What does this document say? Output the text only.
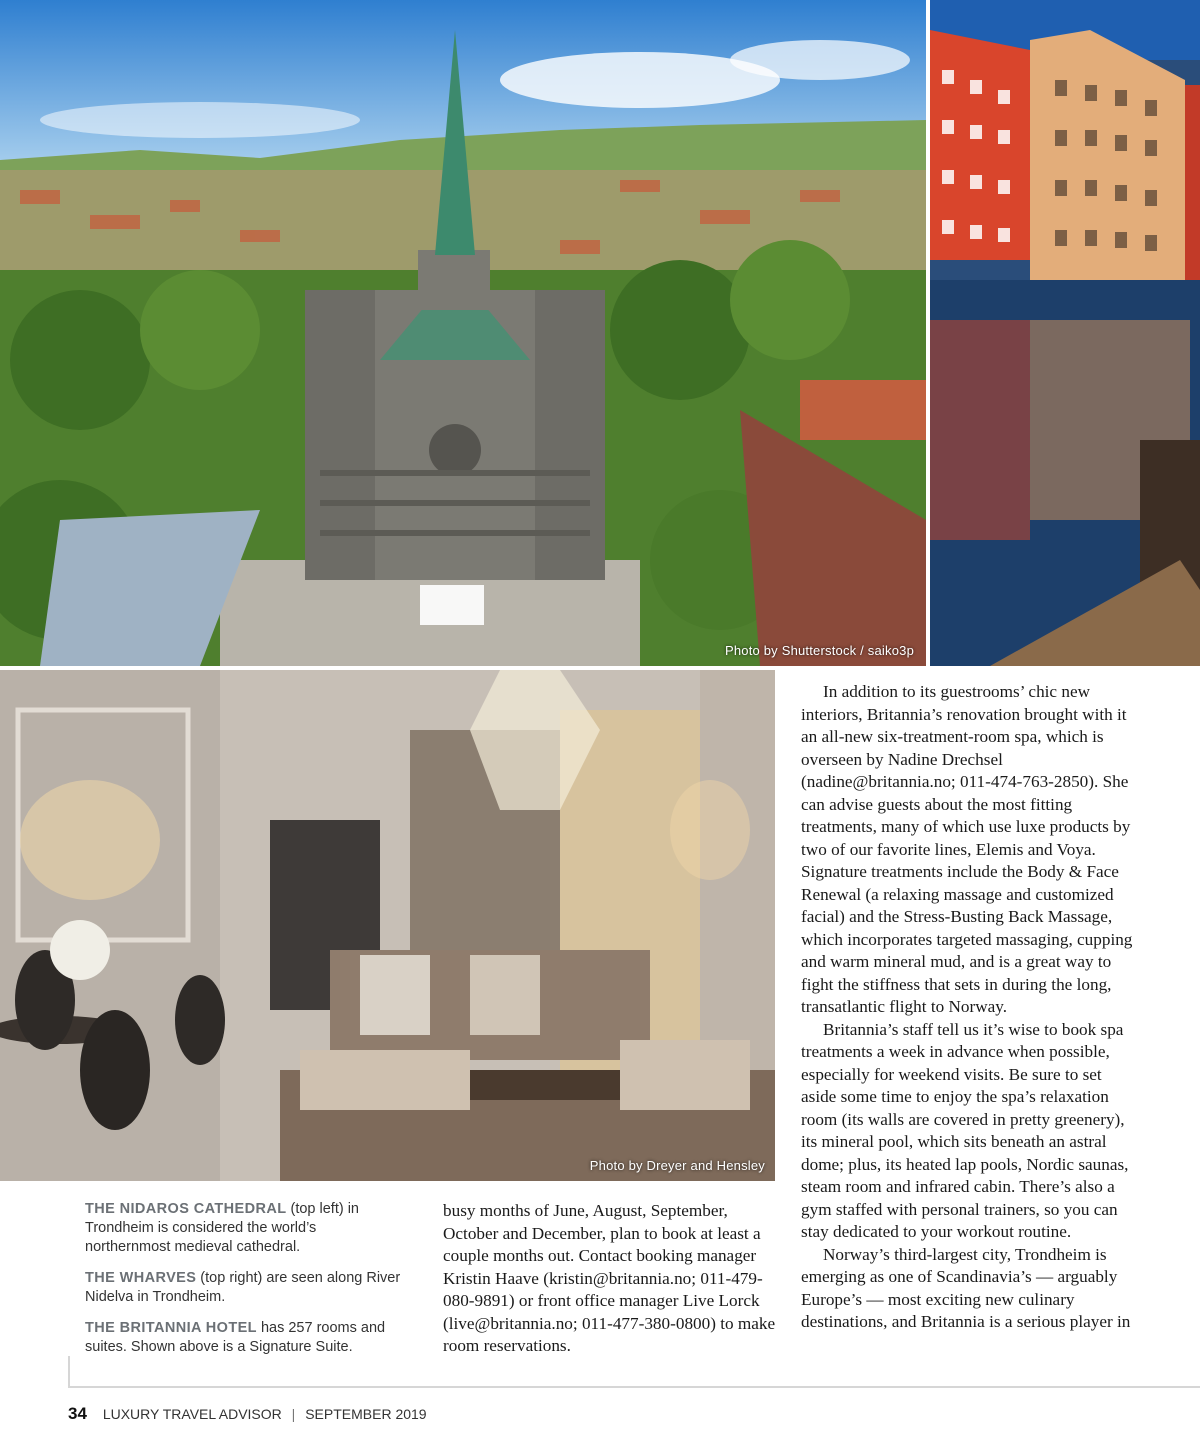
Photo by Shutterstock / saiko3p
Photo by Dreyer and Hensley

THE NIDAROS CATHEDRAL (top left) in Trondheim is considered the world’s northernmost medieval cathedral.

THE WHARVES (top right) are seen along River Nidelva in Trondheim.

THE BRITANNIA HOTEL has 257 rooms and suites. Shown above is a Signature Suite.

busy months of June, August, September, October and December, plan to book at least a couple months out. Contact booking manager Kristin Haave (kristin@britannia.no; 011-479-080-9891) or front office manager Live Lorck (live@britannia.no; 011-477-380-0800) to make room reservations.

In addition to its guestrooms’ chic new interiors, Britannia’s renovation brought with it an all-new six-treatment-room spa, which is overseen by Nadine Drechsel (nadine@britannia.no; 011-474-763-2850). She can advise guests about the most fitting treatments, many of which use luxe products by two of our favorite lines, Elemis and Voya. Signature treatments include the Body & Face Renewal (a relaxing massage and customized facial) and the Stress-Busting Back Massage, which incorporates targeted massaging, cupping and warm mineral mud, and is a great way to fight the stiffness that sets in during the long, transatlantic flight to Norway.

Britannia’s staff tell us it’s wise to book spa treatments a week in advance when possible, especially for weekend visits. Be sure to set aside some time to enjoy the spa’s relaxation room (its walls are covered in pretty greenery), its mineral pool, which sits beneath an astral dome; plus, its heated lap pools, Nordic saunas, steam room and infrared cabin. There’s also a gym staffed with personal trainers, so you can stay dedicated to your workout routine.

Norway’s third-largest city, Trondheim is emerging as one of Scandinavia’s — arguably Europe’s — most exciting new culinary destinations, and Britannia is a serious player in

34 LUXURY TRAVEL ADVISOR | SEPTEMBER 2019
